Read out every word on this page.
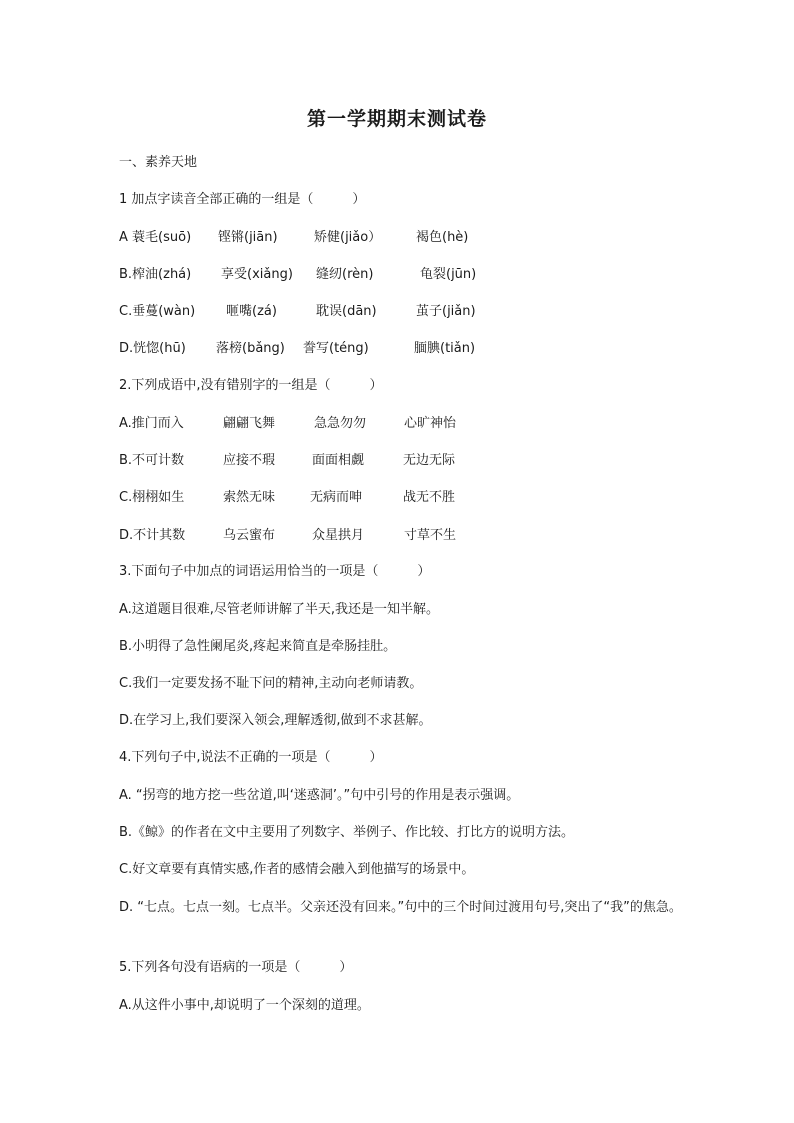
第一学期期末测试卷
一、素养天地
1 加点字读音全部正确的一组是（　　　）
A 蓑毛(suō) 铿锵(jiān)	矫健(jiǎo）	褐色(hè)
B.榨油(zhá) 享受(xiǎng) 缝纫(rèn)	龟裂(jūn)
C.垂蔓(wàn) 咂嘴(zá)	耽误(dān)	茧子(jiǎn)
D.恍惚(hū) 落榜(bǎng) 誊写(téng)	腼腆(tiǎn)
2.下列成语中,没有错别字的一组是（　　　）
A.推门而入	翩翩飞舞	急急勿勿	心旷神怡
B.不可计数	应接不瑕	面面相觑	无边无际
C.栩栩如生	索然无味	无病而呻	战无不胜
D.不计其数	乌云蜜布	众星拱月	寸草不生
3.下面句子中加点的词语运用恰当的一项是（　　　）
A.这道题目很难,尽管老师讲解了半天,我还是一知半解。
B.小明得了急性阑尾炎,疼起来简直是牵肠挂肚。
C.我们一定要发扬不耻下问的精神,主动向老师请教。
D.在学习上,我们要深入领会,理解透彻,做到不求甚解。
4.下列句子中,说法不正确的一项是（　　　）
A. “拐弯的地方挖一些岔道,叫‘迷惑洞’。”句中引号的作用是表示强调。
B.《鲸》的作者在文中主要用了列数字、举例子、作比较、打比方的说明方法。
C.好文章要有真情实感,作者的感情会融入到他描写的场景中。
D. “七点。七点一刻。七点半。父亲还没有回来。”句中的三个时间过渡用句号,突出了“我”的焦急。
5.下列各句没有语病的一项是（　　　）
A.从这件小事中,却说明了一个深刻的道理。
